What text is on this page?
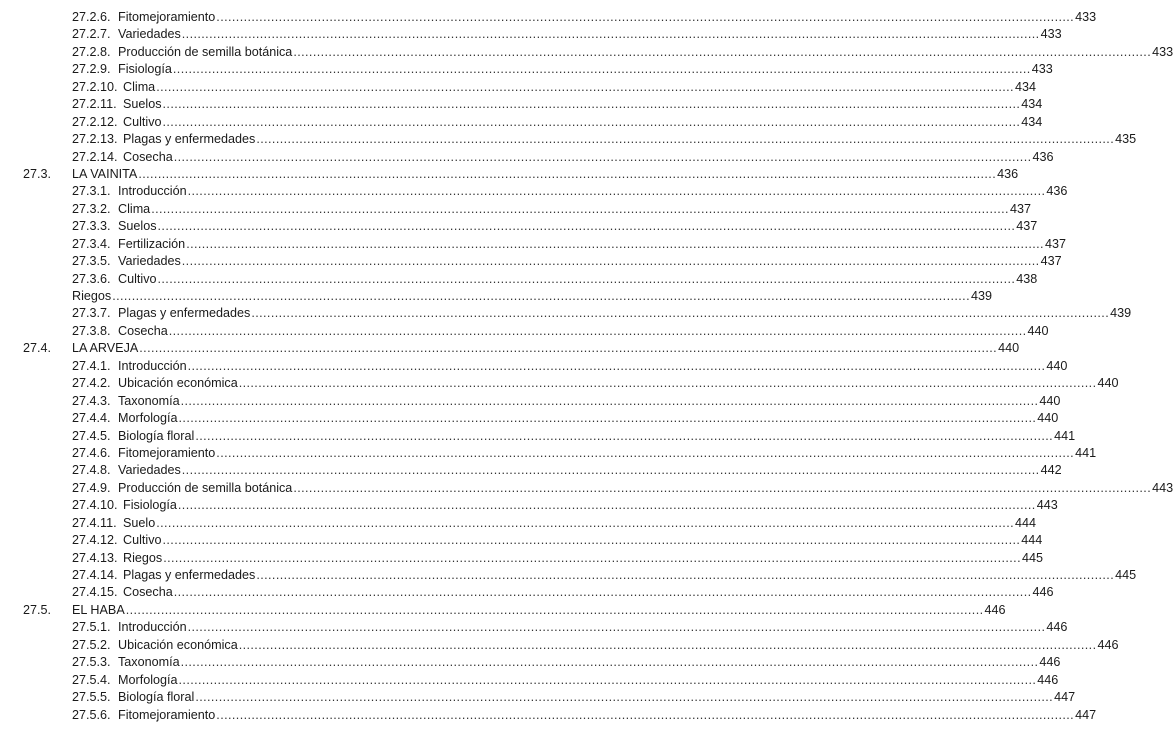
27.2.6. Fitomejoramiento ............................................................................................................................................................................................................................ 433
27.2.7. Variedades ............................................................................................................................................................................................................................ 433
27.2.8. Producción de semilla botánica ............................................................................................................................................................................................................................ 433
27.2.9. Fisiología ............................................................................................................................................................................................................................ 433
27.2.10. Clima ............................................................................................................................................................................................................................ 434
27.2.11. Suelos ............................................................................................................................................................................................................................ 434
27.2.12. Cultivo ............................................................................................................................................................................................................................ 434
27.2.13. Plagas y enfermedades ............................................................................................................................................................................................................................ 435
27.2.14. Cosecha ............................................................................................................................................................................................................................ 436
27.3. LA VAINITA ............................................................................................................................................................................................................................ 436
27.3.1. Introducción ............................................................................................................................................................................................................................ 436
27.3.2. Clima ............................................................................................................................................................................................................................ 437
27.3.3. Suelos ............................................................................................................................................................................................................................ 437
27.3.4. Fertilización ............................................................................................................................................................................................................................ 437
27.3.5. Variedades ............................................................................................................................................................................................................................ 437
27.3.6. Cultivo ............................................................................................................................................................................................................................ 438
Riegos ............................................................................................................................................................................................................................ 439
27.3.7. Plagas y enfermedades ............................................................................................................................................................................................................................ 439
27.3.8. Cosecha ............................................................................................................................................................................................................................ 440
27.4. LA ARVEJA ............................................................................................................................................................................................................................ 440
27.4.1. Introducción ............................................................................................................................................................................................................................ 440
27.4.2. Ubicación económica ............................................................................................................................................................................................................................ 440
27.4.3. Taxonomía ............................................................................................................................................................................................................................ 440
27.4.4. Morfología ............................................................................................................................................................................................................................ 440
27.4.5. Biología floral ............................................................................................................................................................................................................................ 441
27.4.6. Fitomejoramiento ............................................................................................................................................................................................................................ 441
27.4.8. Variedades ............................................................................................................................................................................................................................ 442
27.4.9. Producción de semilla botánica ............................................................................................................................................................................................................................ 443
27.4.10. Fisiología ............................................................................................................................................................................................................................ 443
27.4.11. Suelo ............................................................................................................................................................................................................................ 444
27.4.12. Cultivo ............................................................................................................................................................................................................................ 444
27.4.13. Riegos ............................................................................................................................................................................................................................ 445
27.4.14. Plagas y enfermedades ............................................................................................................................................................................................................................ 445
27.4.15. Cosecha ............................................................................................................................................................................................................................ 446
27.5. EL HABA ............................................................................................................................................................................................................................ 446
27.5.1. Introducción ............................................................................................................................................................................................................................ 446
27.5.2. Ubicación económica ............................................................................................................................................................................................................................ 446
27.5.3. Taxonomía ............................................................................................................................................................................................................................ 446
27.5.4. Morfología ............................................................................................................................................................................................................................ 446
27.5.5. Biología floral ............................................................................................................................................................................................................................ 447
27.5.6. Fitomejoramiento ............................................................................................................................................................................................................................ 447
